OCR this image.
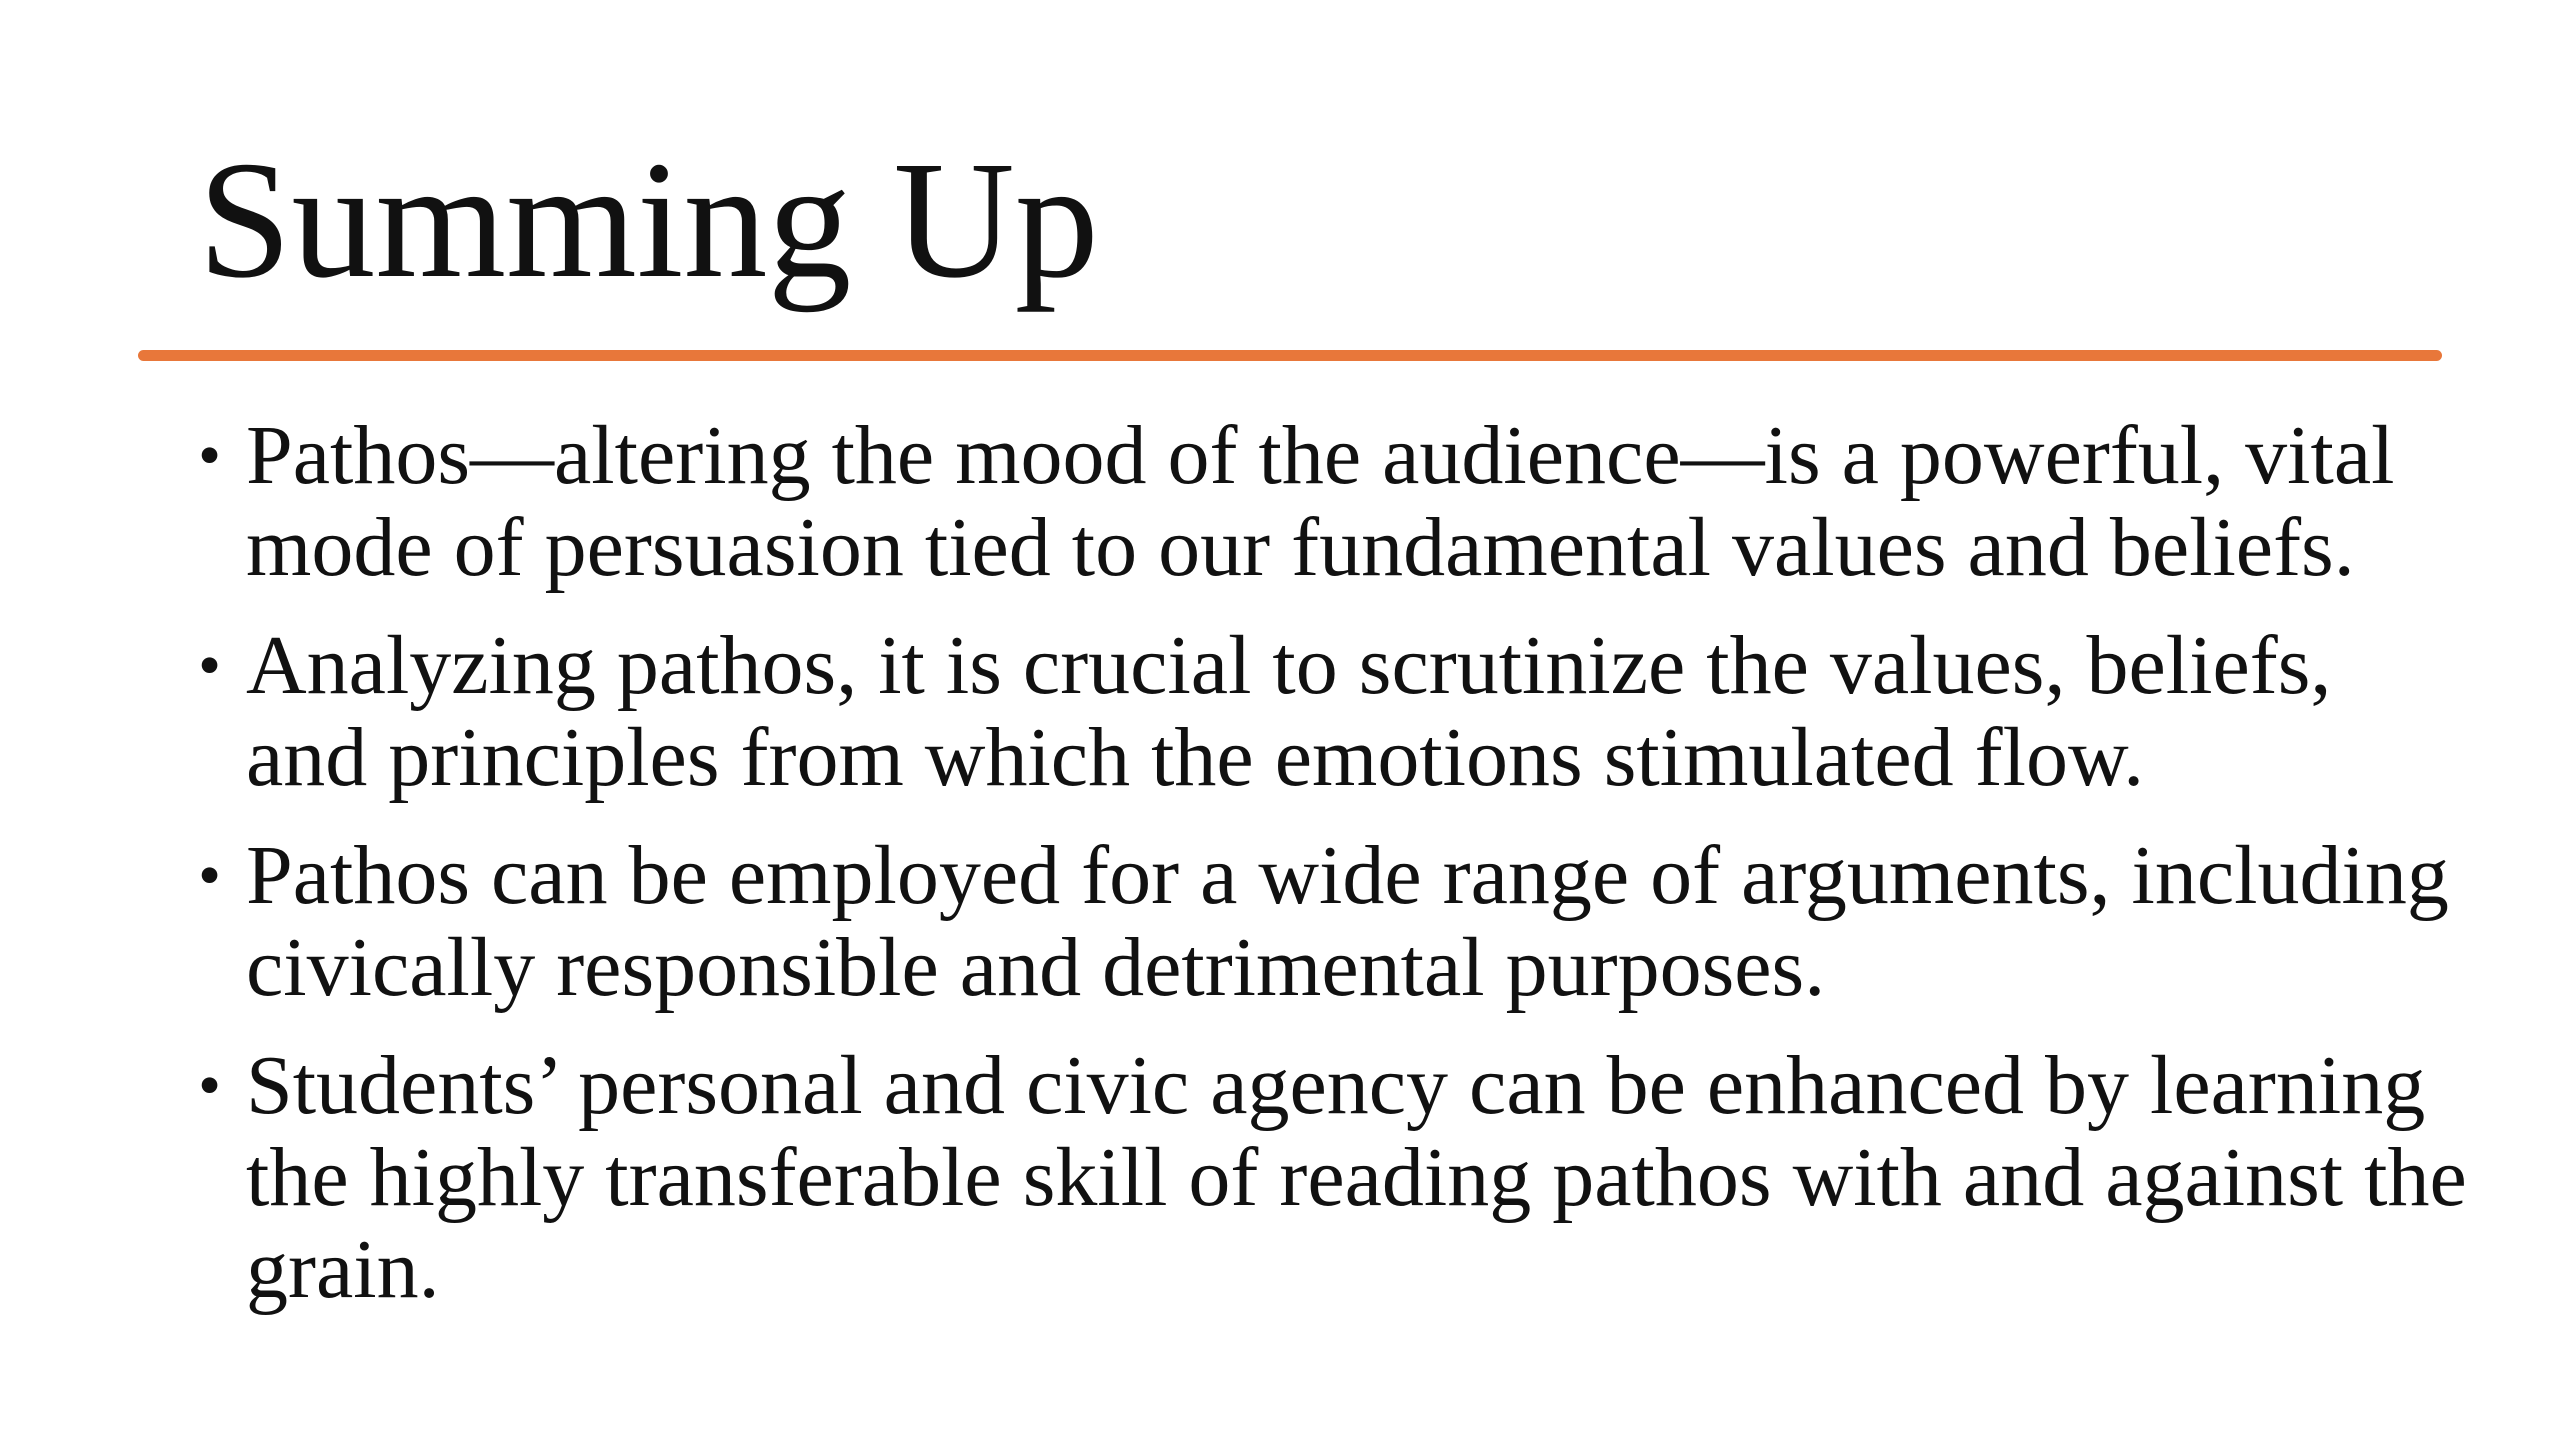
Summing Up
• Pathos—altering the mood of the audience—is a powerful, vital mode of persuasion tied to our fundamental values and beliefs.
• Analyzing pathos, it is crucial to scrutinize the values, beliefs, and principles from which the emotions stimulated flow.
• Pathos can be employed for a wide range of arguments, including civically responsible and detrimental purposes.
• Students’ personal and civic agency can be enhanced by learning the highly transferable skill of reading pathos with and against the grain.
